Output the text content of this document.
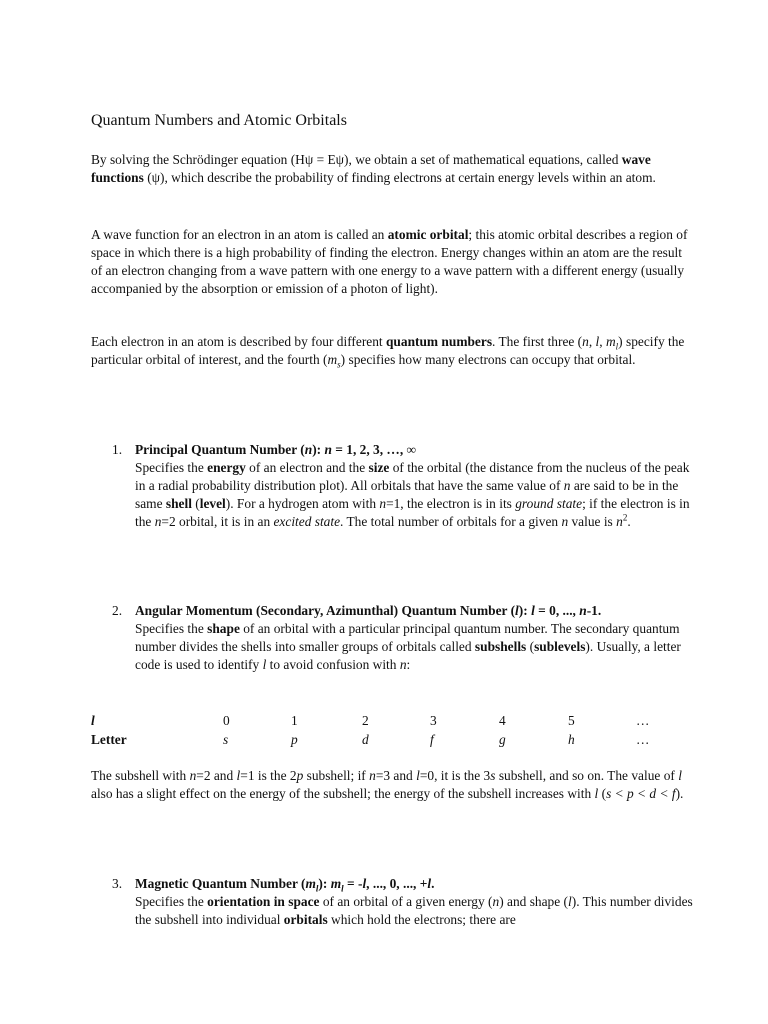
Quantum Numbers and Atomic Orbitals
By solving the Schrödinger equation (Hψ = Eψ), we obtain a set of mathematical equations, called wave functions (ψ), which describe the probability of finding electrons at certain energy levels within an atom.
A wave function for an electron in an atom is called an atomic orbital; this atomic orbital describes a region of space in which there is a high probability of finding the electron. Energy changes within an atom are the result of an electron changing from a wave pattern with one energy to a wave pattern with a different energy (usually accompanied by the absorption or emission of a photon of light).
Each electron in an atom is described by four different quantum numbers. The first three (n, l, $m_l$) specify the particular orbital of interest, and the fourth $(m_s)$ specifies how many electrons can occupy that orbital.
1. Principal Quantum Number (n): n = 1, 2, 3, …, ∞
Specifies the energy of an electron and the size of the orbital (the distance from the nucleus of the peak in a radial probability distribution plot). All orbitals that have the same value of n are said to be in the same shell (level). For a hydrogen atom with n=1, the electron is in its ground state; if the electron is in the n=2 orbital, it is in an excited state. The total number of orbitals for a given n value is $n^2$.
2. Angular Momentum (Secondary, Azimunthal) Quantum Number (l): l = 0, ..., n-1.
Specifies the shape of an orbital with a particular principal quantum number. The secondary quantum number divides the shells into smaller groups of orbitals called subshells (sublevels). Usually, a letter code is used to identify l to avoid confusion with n:
l	0	1	2	3	4	5	…
Letter	s	p	d	f	g	h	…
The subshell with n=2 and l=1 is the 2p subshell; if n=3 and l=0, it is the 3s subshell, and so on. The value of l also has a slight effect on the energy of the subshell; the energy of the subshell increases with l (s < p < d < f).
3. Magnetic Quantum Number $(m_l)$: $m_l = -l$, ..., 0, ..., +l.
Specifies the orientation in space of an orbital of a given energy (n) and shape (l). This number divides the subshell into individual orbitals which hold the electrons; there are
